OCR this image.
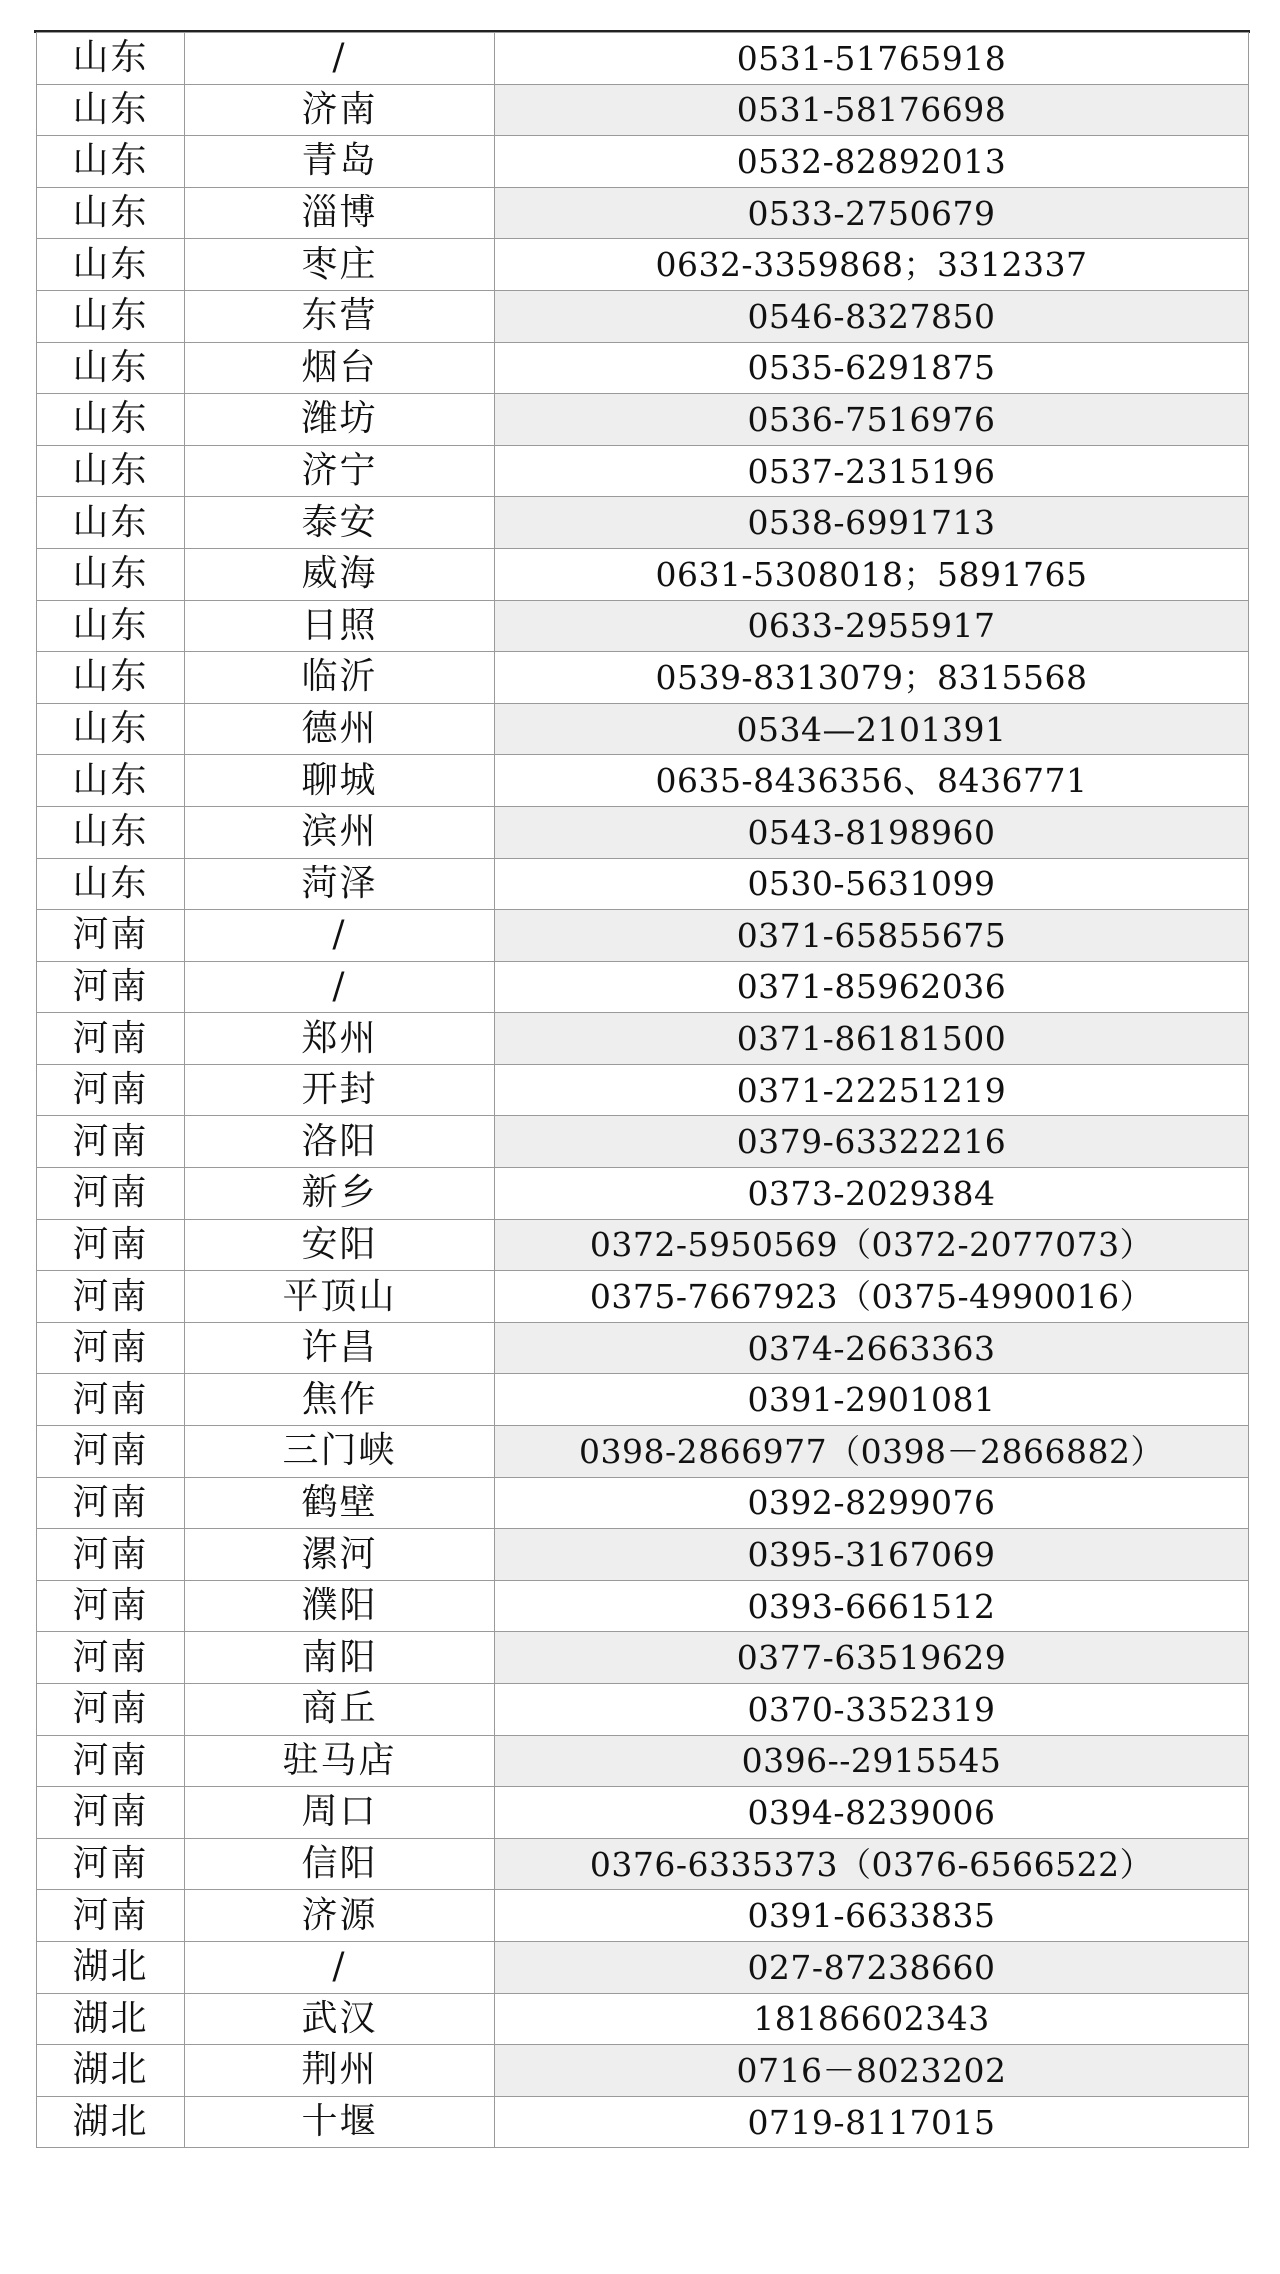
山东	/	0531-51765918
山东	济南	0531-58176698
山东	青岛	0532-82892013
山东	淄博	0533-2750679
山东	枣庄	0632-3359868；3312337
山东	东营	0546-8327850
山东	烟台	0535-6291875
山东	潍坊	0536-7516976
山东	济宁	0537-2315196
山东	泰安	0538-6991713
山东	威海	0631-5308018；5891765
山东	日照	0633-2955917
山东	临沂	0539-8313079；8315568
山东	德州	0534—2101391
山东	聊城	0635-8436356、8436771
山东	滨州	0543-8198960
山东	菏泽	0530-5631099
河南	/	0371-65855675
河南	/	0371-85962036
河南	郑州	0371-86181500
河南	开封	0371-22251219
河南	洛阳	0379-63322216
河南	新乡	0373-2029384
河南	安阳	0372-5950569（0372-2077073）
河南	平顶山	0375-7667923（0375-4990016）
河南	许昌	0374-2663363
河南	焦作	0391-2901081
河南	三门峡	0398-2866977（0398－2866882）
河南	鹤壁	0392-8299076
河南	漯河	0395-3167069
河南	濮阳	0393-6661512
河南	南阳	0377-63519629
河南	商丘	0370-3352319
河南	驻马店	0396--2915545
河南	周口	0394-8239006
河南	信阳	0376-6335373（0376-6566522）
河南	济源	0391-6633835
湖北	/	027-87238660
湖北	武汉	18186602343
湖北	荆州	0716－8023202
湖北	十堰	0719-8117015
